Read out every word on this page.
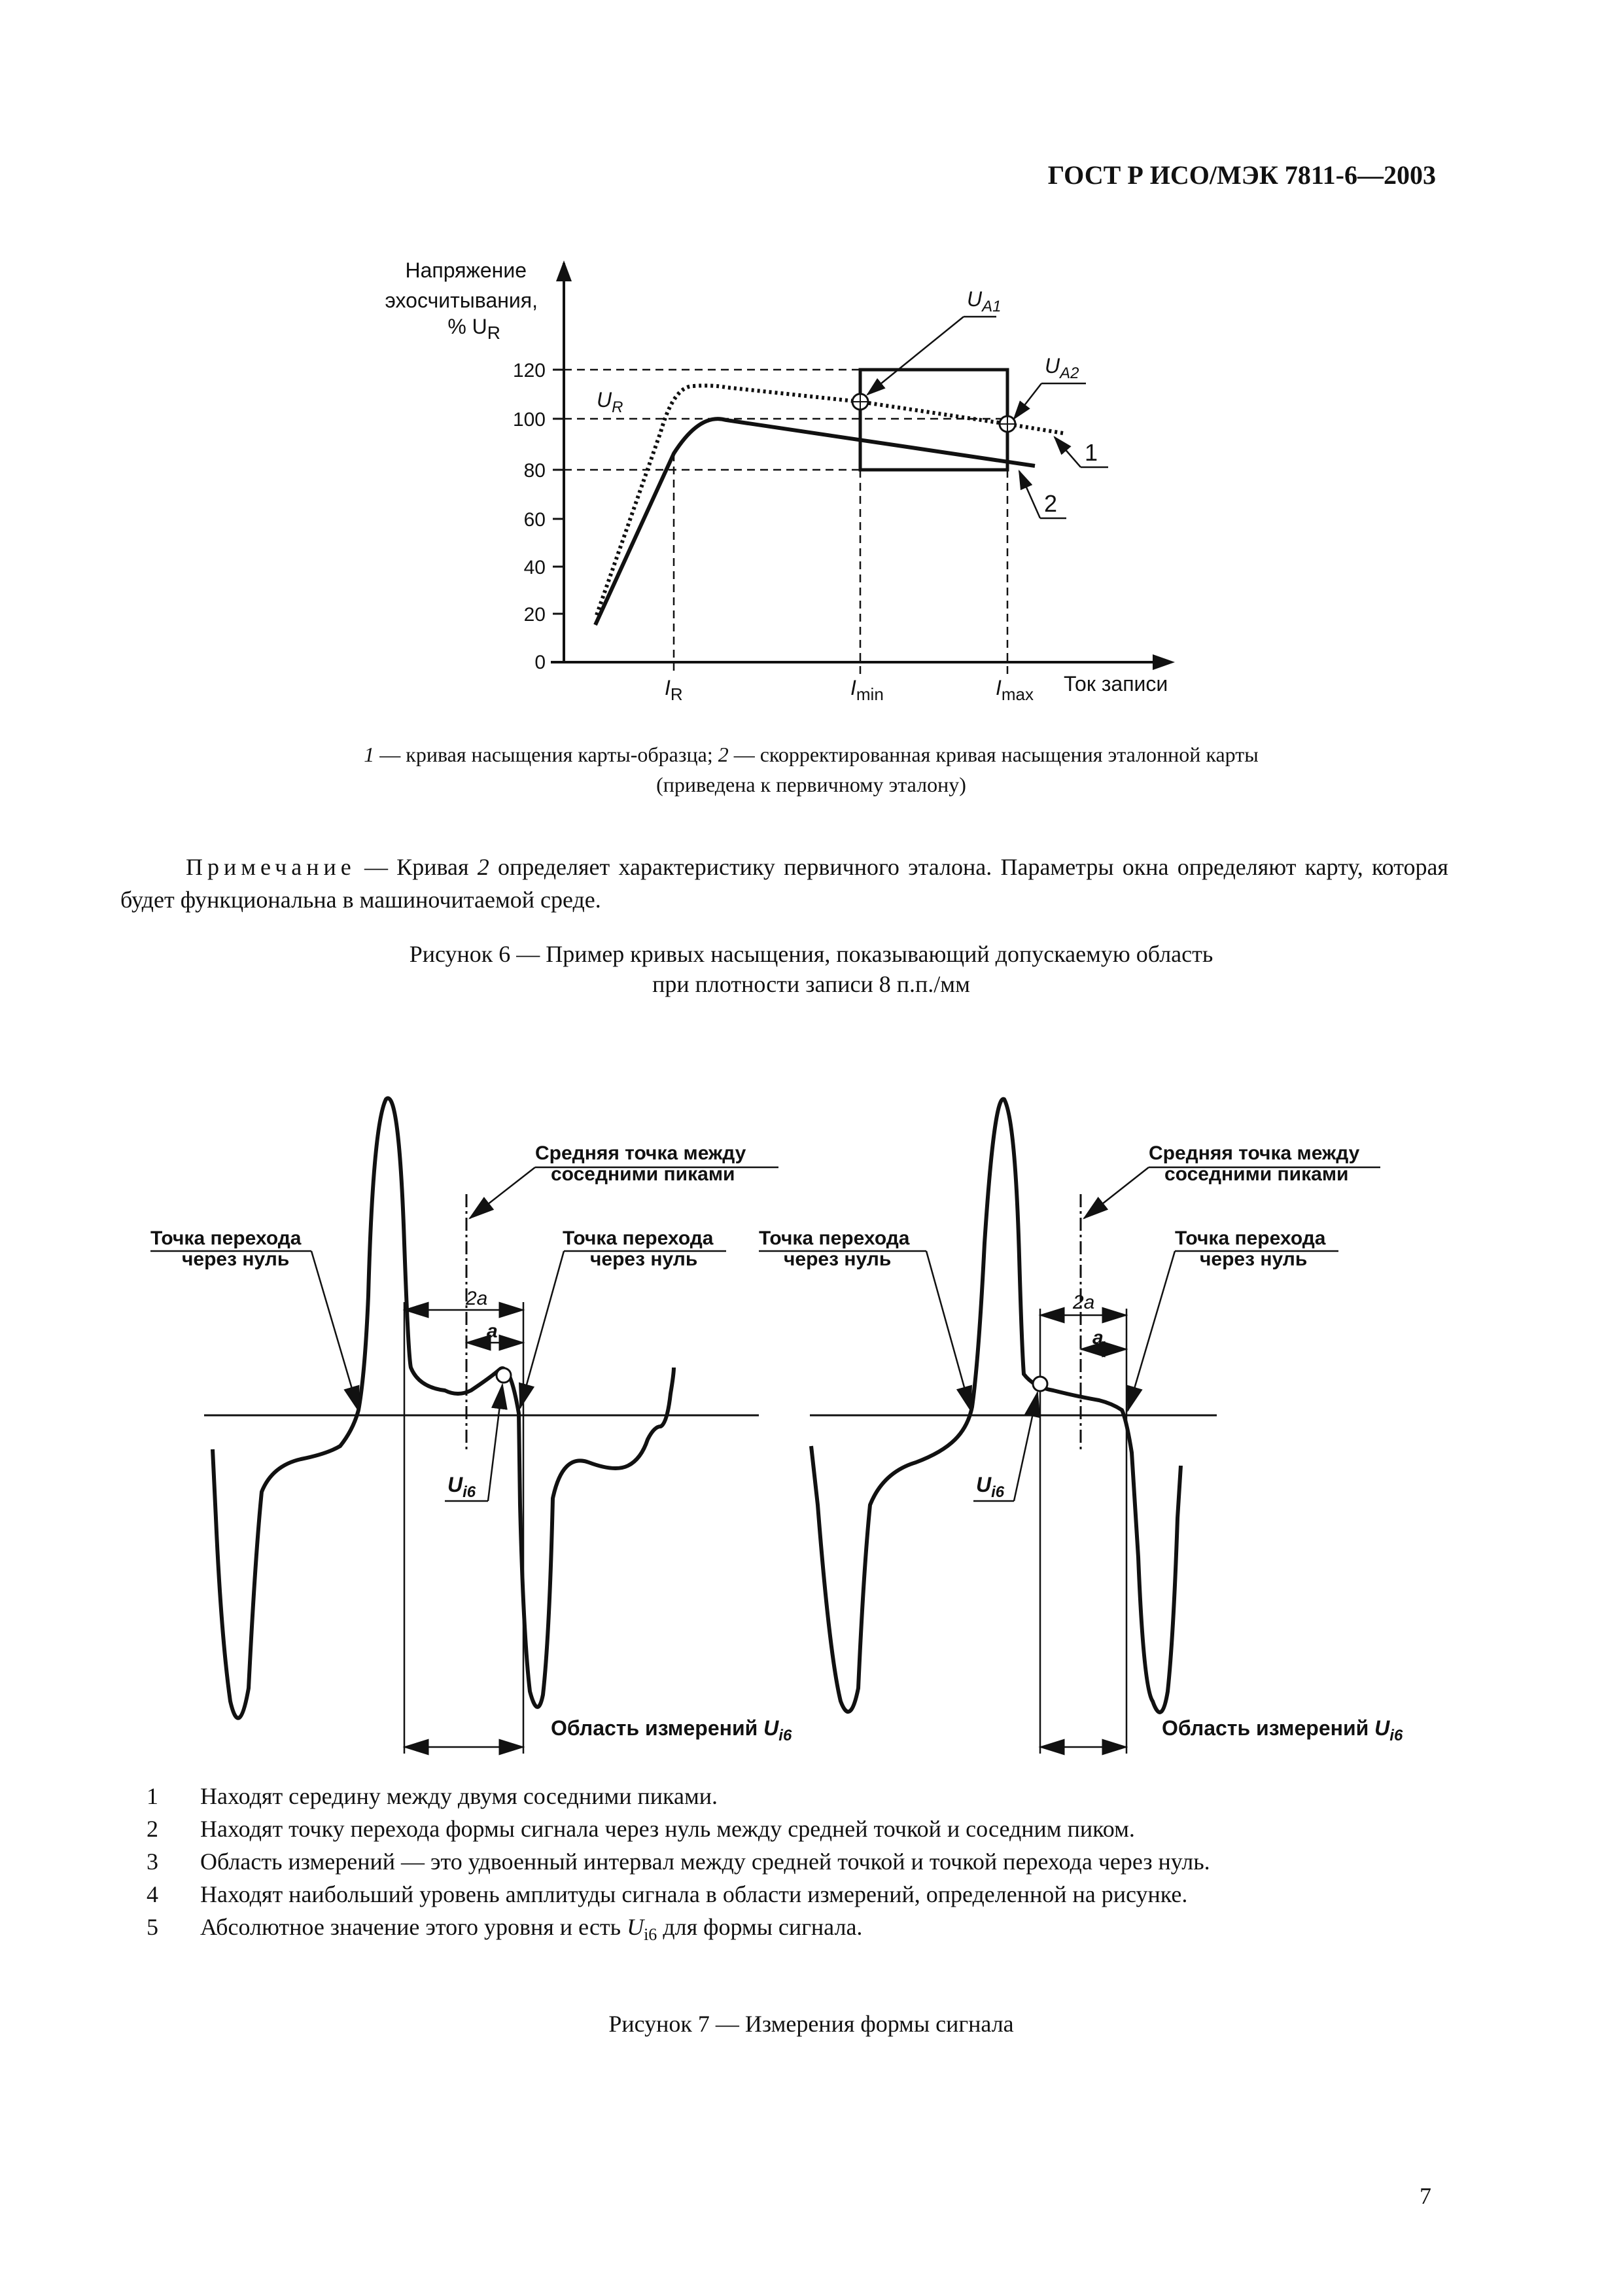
ГОСТ Р ИСО/МЭК 7811-6—2003
Напряжение
эхосчитывания,
% UR
120
100
80
60
40
20
0
$U_R$
$U_{A1}$
$U_{A2}$
1
2
$I_R$	$I_{min}$	$I_{max}$ Ток записи
1 — кривая насыщения карты-образца; 2 — скорректированная кривая насыщения эталонной карты
(приведена к первичному эталону)
Примечание — Кривая 2 определяет характеристику первичного эталона. Параметры окна определяют карту, которая будет функциональна в машиночитаемой среде.
Рисунок 6 — Пример кривых насыщения, показывающий допускаемую область
при плотности записи 8 п.п./мм
2a
a
Средняя точка между
соседними пиками
Точка перехода
через нуль
Точка перехода
через нуль
$U_{i6}$
Область измерений $U_{i6}$
2a
a
Средняя точка между
соседними пиками
Точка перехода
через нуль
Точка перехода
через нуль
$U_{i6}$
Область измерений $U_{i6}$
1 Находят середину между двумя соседними пиками.
2 Находят точку перехода формы сигнала через нуль между средней точкой и соседним пиком.
3 Область измерений — это удвоенный интервал между средней точкой и точкой перехода через нуль.
4 Находят наибольший уровень амплитуды сигнала в области измерений, определенной на рисунке.
5 Абсолютное значение этого уровня и есть $U_{i6}$ для формы сигнала.
Рисунок 7 — Измерения формы сигнала
7
